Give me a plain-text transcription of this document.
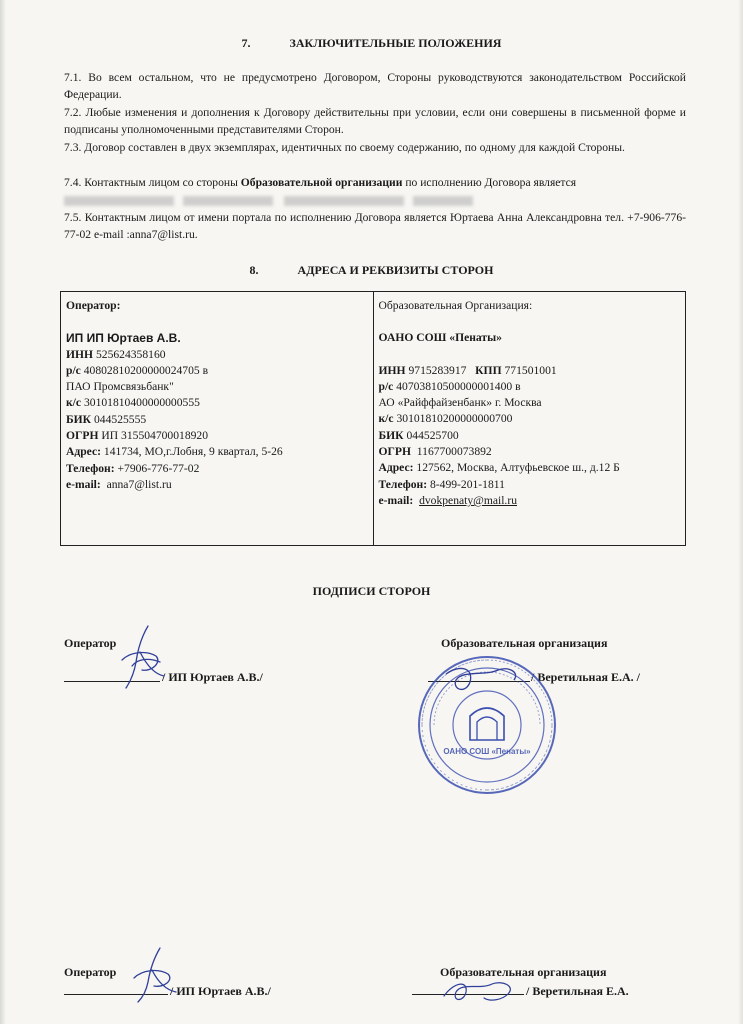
7.	ЗАКЛЮЧИТЕЛЬНЫЕ ПОЛОЖЕНИЯ
7.1. Во всем остальном, что не предусмотрено Договором, Стороны руководствуются законодательством Российской Федерации.
7.2. Любые изменения и дополнения к Договору действительны при условии, если они совершены в письменной форме и подписаны уполномоченными представителями Сторон.
7.3. Договор составлен в двух экземплярах, идентичных по своему содержанию, по одному для каждой Стороны.
7.4. Контактным лицом со стороны Образовательной организации по исполнению Договора является

7.5. Контактным лицом от имени портала по исполнению Договора является Юртаева Анна Александровна тел. +7-906-776-77-02 e-mail :anna7@list.ru.
8.	АДРЕСА И РЕКВИЗИТЫ СТОРОН
Оператор:
ИП ИП Юртаев А.В.
ИНН 525624358160
р/с 40802810200000024705 в
ПАО Промсвязьбанк"
к/с 30101810400000000555
БИК 044525555
ОГРН ИП 315504700018920
Адрес: 141734, МО,г.Лобня, 9 квартал, 5-26
Телефон: +7906-776-77-02
e-mail: anna7@list.ru

Образовательная Организация:
ОАНО СОШ «Пенаты»
ИНН 9715283917 КПП 771501001
р/с 40703810500000001400 в
АО «Райффайзенбанк» г. Москва
к/с 30101810200000000700
БИК 044525700
ОГРН 1167700073892
Адрес: 127562, Москва, Алтуфьевское ш., д.12 Б
Телефон: 8-499-201-1811
e-mail: dvokpenaty@mail.ru
ПОДПИСИ СТОРОН
Оператор
/ ИП Юртаев А.В./
Образовательная организация
/ Веретильная Е.А. /
ОАНО СОШ «Пенаты»
Оператор
/ ИП Юртаев А.В./
Образовательная организация
/ Веретильная Е.А.
